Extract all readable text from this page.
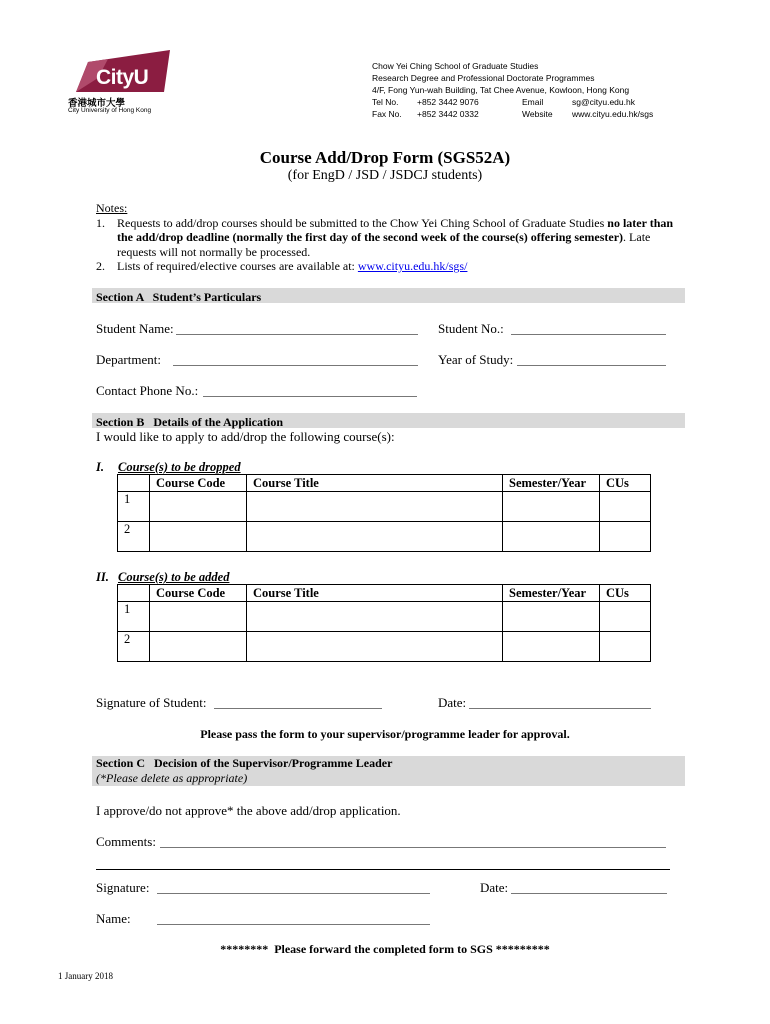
CityU
香港城市大學
City University of Hong Kong
Chow Yei Ching School of Graduate Studies
Research Degree and Professional Doctorate Programmes
4/F, Fong Yun-wah Building, Tat Chee Avenue, Kowloon, Hong Kong
Tel No. +852 3442 9076	Email	sg@cityu.edu.hk
Fax No. +852 3442 0332	Website www.cityu.edu.hk/sgs
Course Add/Drop Form (SGS52A)
(for EngD / JSD / JSDCJ students)
Notes:
1. Requests to add/drop courses should be submitted to the Chow Yei Ching School of Graduate Studies no later than the add/drop deadline (normally the first day of the second week of the course(s) offering semester). Late requests will not normally be processed.
2. Lists of required/elective courses are available at: www.cityu.edu.hk/sgs/
Section A   Student’s Particulars
Student Name:	Student No.:
Department:	Year of Study:
Contact Phone No.:
Section B   Details of the Application
I would like to apply to add/drop the following course(s):
I. Course(s) to be dropped
	Course Code	Course Title	Semester/Year	CUs
1				
2				
II. Course(s) to be added
	Course Code	Course Title	Semester/Year	CUs
1				
2				
Signature of Student:	Date:
Please pass the form to your supervisor/programme leader for approval.
Section C   Decision of the Supervisor/Programme Leader
(*Please delete as appropriate)
I approve/do not approve* the above add/drop application.
Comments:
Signature:	Date:
Name:
********  Please forward the completed form to SGS *********
1 January 2018
